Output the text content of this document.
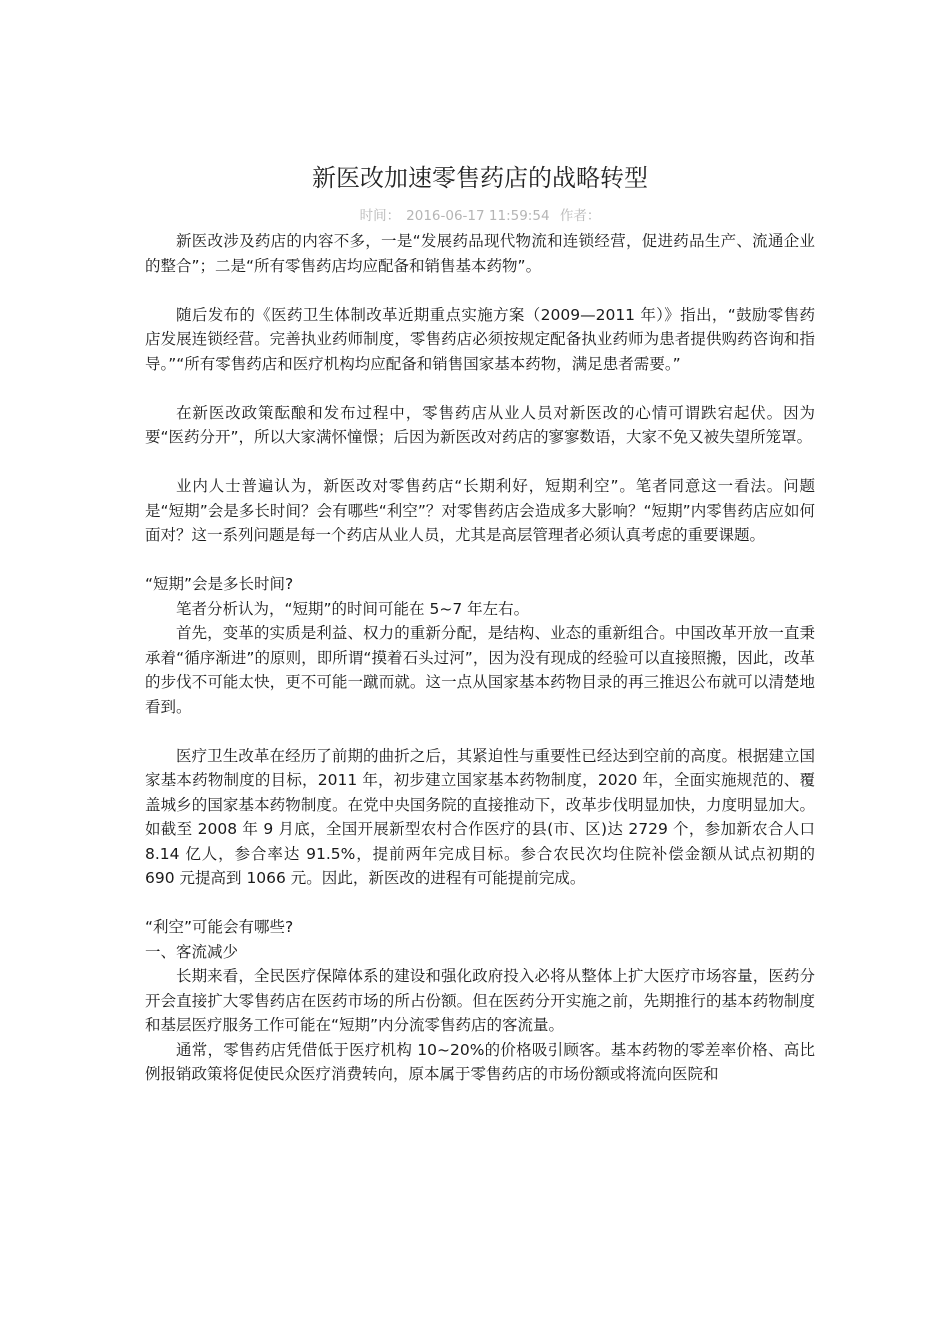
新医改加速零售药店的战略转型
时间： 2016-06-17 11:59:54 作者：

新医改涉及药店的内容不多，一是“发展药品现代物流和连锁经营，促进药品生产、流通企业的整合”；二是“所有零售药店均应配备和销售基本药物”。

随后发布的《医药卫生体制改革近期重点实施方案（2009—2011 年）》指出，“鼓励零售药店发展连锁经营。完善执业药师制度，零售药店必须按规定配备执业药师为患者提供购药咨询和指导。”“所有零售药店和医疗机构均应配备和销售国家基本药物，满足患者需要。”

在新医改政策酝酿和发布过程中，零售药店从业人员对新医改的心情可谓跌宕起伏。因为要“医药分开”，所以大家满怀憧憬；后因为新医改对药店的寥寥数语，大家不免又被失望所笼罩。

业内人士普遍认为，新医改对零售药店“长期利好，短期利空”。笔者同意这一看法。问题是“短期”会是多长时间？会有哪些“利空”？对零售药店会造成多大影响？“短期”内零售药店应如何面对？这一系列问题是每一个药店从业人员，尤其是高层管理者必须认真考虑的重要课题。

“短期”会是多长时间?

笔者分析认为，“短期”的时间可能在 5~7 年左右。

首先，变革的实质是利益、权力的重新分配，是结构、业态的重新组合。中国改革开放一直秉承着“循序渐进”的原则，即所谓“摸着石头过河”，因为没有现成的经验可以直接照搬，因此，改革的步伐不可能太快，更不可能一蹴而就。这一点从国家基本药物目录的再三推迟公布就可以清楚地看到。

医疗卫生改革在经历了前期的曲折之后，其紧迫性与重要性已经达到空前的高度。根据建立国家基本药物制度的目标，2011 年，初步建立国家基本药物制度，2020 年，全面实施规范的、覆盖城乡的国家基本药物制度。在党中央国务院的直接推动下，改革步伐明显加快，力度明显加大。如截至 2008 年 9 月底，全国开展新型农村合作医疗的县(市、区)达 2729 个，参加新农合人口 8.14 亿人，参合率达 91.5%，提前两年完成目标。参合农民次均住院补偿金额从试点初期的 690 元提高到 1066 元。因此，新医改的进程有可能提前完成。

“利空”可能会有哪些?

一、客流减少

长期来看，全民医疗保障体系的建设和强化政府投入必将从整体上扩大医疗市场容量，医药分开会直接扩大零售药店在医药市场的所占份额。但在医药分开实施之前，先期推行的基本药物制度和基层医疗服务工作可能在“短期”内分流零售药店的客流量。

通常，零售药店凭借低于医疗机构 10~20%的价格吸引顾客。基本药物的零差率价格、高比例报销政策将促使民众医疗消费转向，原本属于零售药店的市场份额或将流向医院和
